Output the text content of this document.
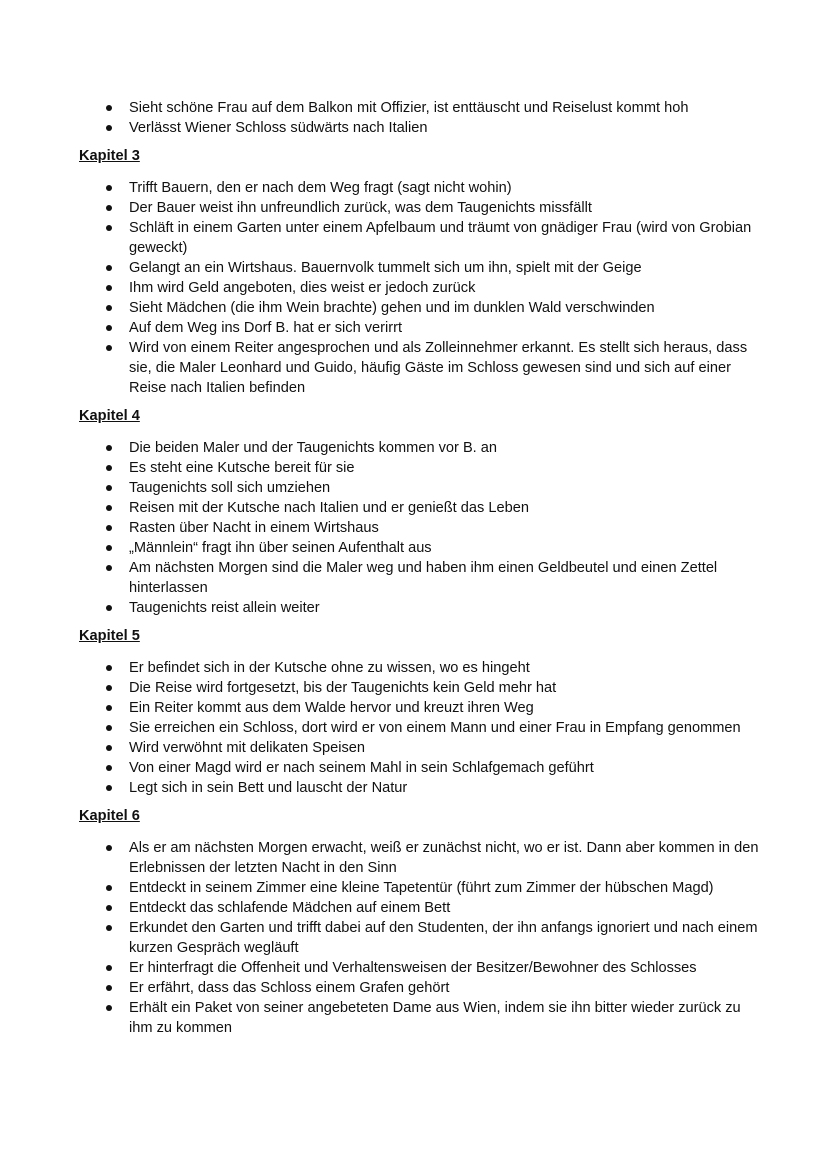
Sieht schöne Frau auf dem Balkon mit Offizier, ist enttäuscht und Reiselust kommt hoh
Verlässt Wiener Schloss südwärts nach Italien
Kapitel 3
Trifft Bauern, den er nach dem Weg fragt (sagt nicht wohin)
Der Bauer weist ihn unfreundlich zurück, was dem Taugenichts missfällt
Schläft in einem Garten unter einem Apfelbaum und träumt von gnädiger Frau (wird von Grobian geweckt)
Gelangt an ein Wirtshaus. Bauernvolk tummelt sich um ihn, spielt mit der Geige
Ihm wird Geld angeboten, dies weist er jedoch zurück
Sieht Mädchen (die ihm Wein brachte) gehen und im dunklen Wald verschwinden
Auf dem Weg ins Dorf B. hat er sich verirrt
Wird von einem Reiter angesprochen und als Zolleinnehmer erkannt. Es stellt sich heraus, dass sie, die Maler Leonhard und Guido, häufig Gäste im Schloss gewesen sind und sich auf einer Reise nach Italien befinden
Kapitel 4
Die beiden Maler und der Taugenichts kommen vor B. an
Es steht eine Kutsche bereit für sie
Taugenichts soll sich umziehen
Reisen mit der Kutsche nach Italien und er genießt das Leben
Rasten über Nacht in einem Wirtshaus
„Männlein“ fragt ihn über seinen Aufenthalt aus
Am nächsten Morgen sind die Maler weg und haben ihm einen Geldbeutel und einen Zettel hinterlassen
Taugenichts reist allein weiter
Kapitel 5
Er befindet sich in der Kutsche ohne zu wissen, wo es hingeht
Die Reise wird fortgesetzt, bis der Taugenichts kein Geld mehr hat
Ein Reiter kommt aus dem Walde hervor und kreuzt ihren Weg
Sie erreichen ein Schloss, dort wird er von einem Mann und einer Frau in Empfang genommen
Wird verwöhnt mit delikaten Speisen
Von einer Magd wird er nach seinem Mahl in sein Schlafgemach geführt
Legt sich in sein Bett und lauscht der Natur
Kapitel 6
Als er am nächsten Morgen erwacht, weiß er zunächst nicht, wo er ist. Dann aber kommen in den Erlebnissen der letzten Nacht in den Sinn
Entdeckt in seinem Zimmer eine kleine Tapetentür (führt zum Zimmer der hübschen Magd)
Entdeckt das schlafende Mädchen auf einem Bett
Erkundet den Garten und trifft dabei auf den Studenten, der ihn anfangs ignoriert und nach einem kurzen Gespräch wegläuft
Er hinterfragt die Offenheit und Verhaltensweisen der Besitzer/Bewohner des Schlosses
Er erfährt, dass das Schloss einem Grafen gehört
Erhält ein Paket von seiner angebeteten Dame aus Wien, indem sie ihn bitter wieder zurück zu ihm zu kommen
